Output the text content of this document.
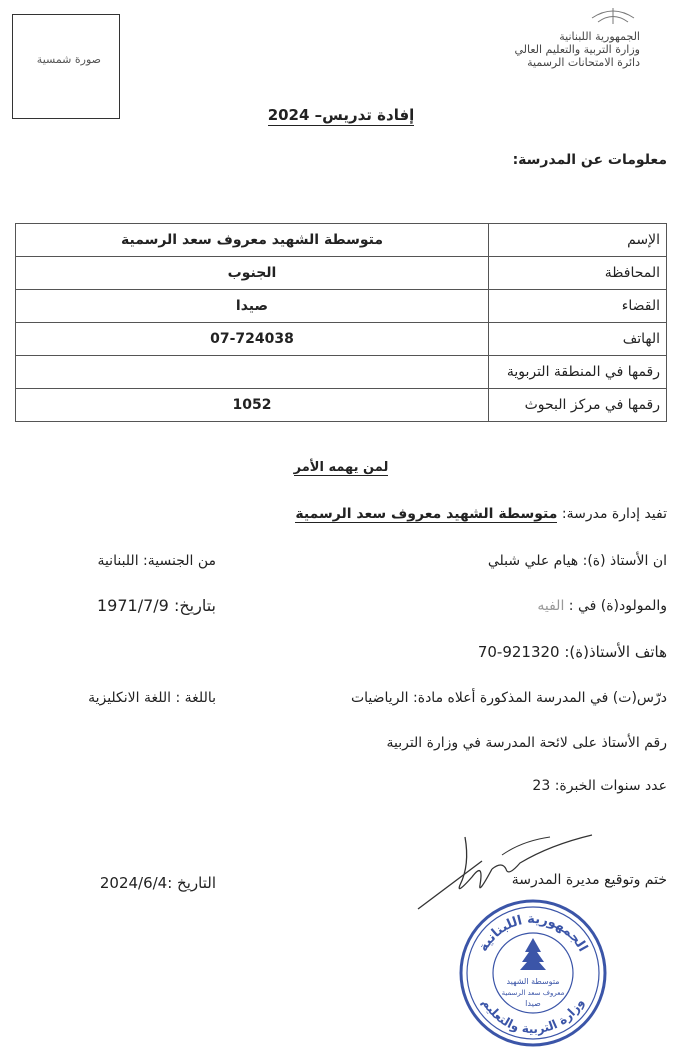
صورة شمسية
الجمهورية اللبنانية
وزارة التربية والتعليم العالي
دائرة الامتحانات الرسمية
إفادة تدريس– 2024
معلومات عن المدرسة:
الإسم	متوسطة الشهيد معروف سعد الرسمية
المحافظة	الجنوب
القضاء	صيدا
الهاتف	07-724038
رقمها في المنطقة التربوية	
رقمها في مركز البحوث	1052
لمن يهمه الأمر
تفيد إدارة مدرسة: متوسطة الشهيد معروف سعد الرسمية
ان الأستاذ (ة): هيام علي شبلي
من الجنسية: اللبنانية
والمولود(ة) في : الفيه
بتاريخ: 1971/7/9
هاتف الأستاذ(ة): 921320-70
درّس(ت) في المدرسة المذكورة أعلاه مادة: الرياضيات
باللغة : اللغة الانكليزية
رقم الأستاذ على لائحة المدرسة في وزارة التربية
عدد سنوات الخبرة: 23
ختم وتوقيع مديرة المدرسة
التاريخ :2024/6/4
الجمهورية اللبنانية
وزارة التربية والتعليم
متوسطة الشهيد
معروف سعد الرسمية
صيدا
